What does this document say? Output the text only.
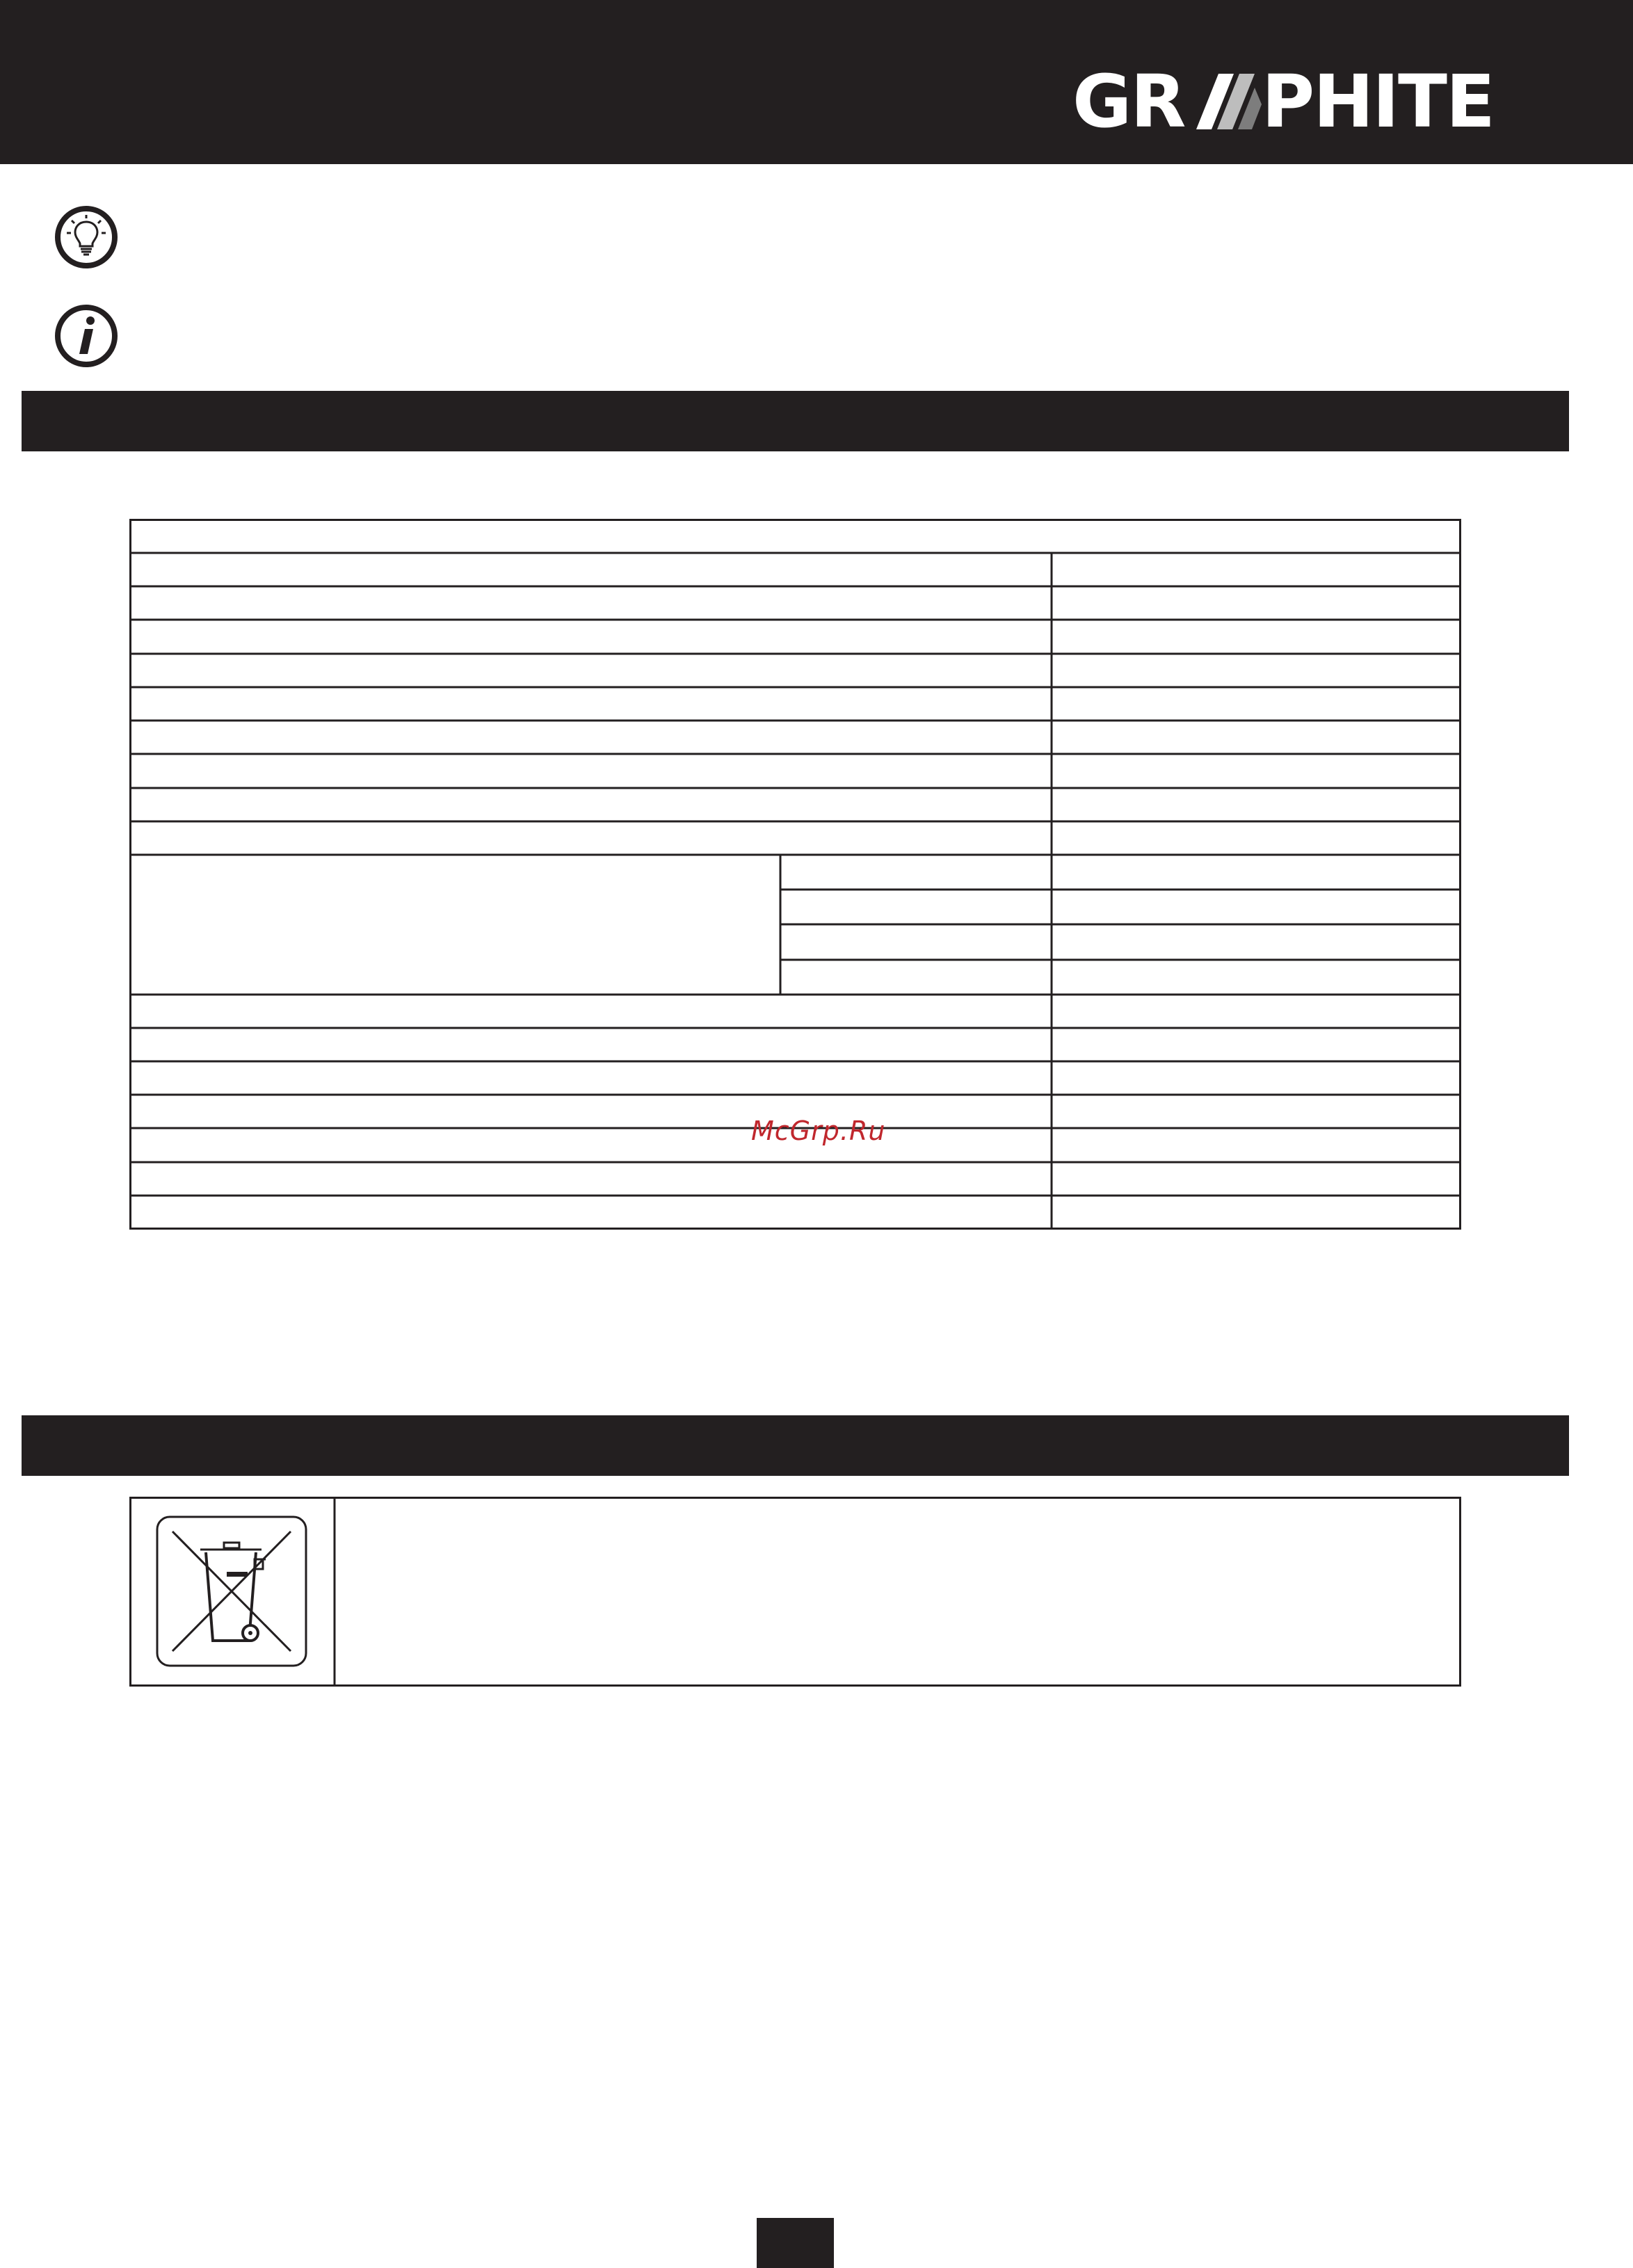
GR PHITE
McGrp.Ru
